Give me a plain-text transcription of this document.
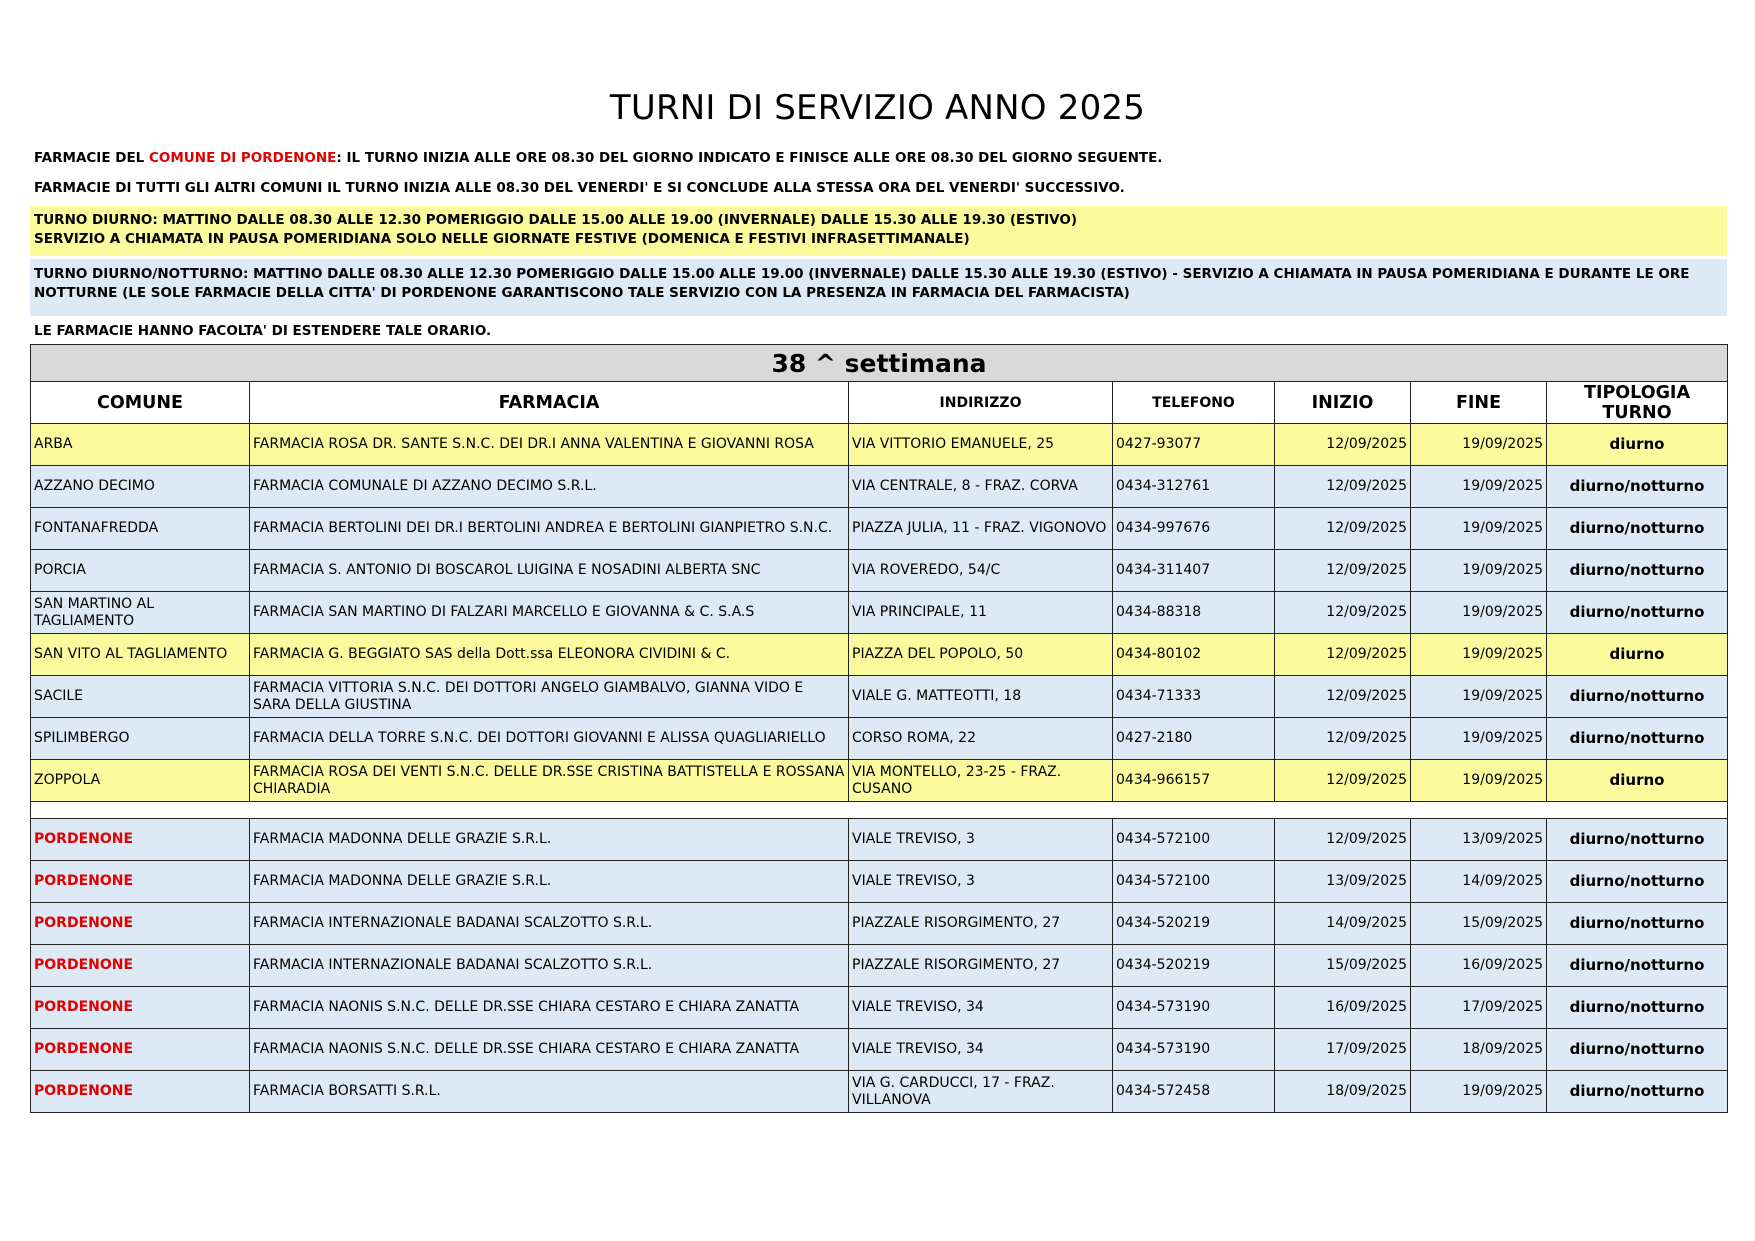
TURNI DI SERVIZIO ANNO 2025
FARMACIE DEL COMUNE DI PORDENONE: IL TURNO INIZIA ALLE ORE 08.30 DEL GIORNO INDICATO E FINISCE ALLE ORE 08.30 DEL GIORNO SEGUENTE.
FARMACIE DI TUTTI GLI ALTRI COMUNI IL TURNO INIZIA ALLE 08.30 DEL VENERDI' E SI CONCLUDE ALLA STESSA ORA DEL VENERDI' SUCCESSIVO.
TURNO DIURNO: MATTINO DALLE 08.30 ALLE 12.30 POMERIGGIO DALLE 15.00 ALLE 19.00 (INVERNALE) DALLE 15.30 ALLE 19.30 (ESTIVO)
SERVIZIO A CHIAMATA IN PAUSA POMERIDIANA SOLO NELLE GIORNATE FESTIVE (DOMENICA E FESTIVI INFRASETTIMANALE)
TURNO DIURNO/NOTTURNO: MATTINO DALLE 08.30 ALLE 12.30 POMERIGGIO DALLE 15.00 ALLE 19.00 (INVERNALE) DALLE 15.30 ALLE 19.30 (ESTIVO) - SERVIZIO A CHIAMATA IN PAUSA POMERIDIANA E DURANTE LE ORE NOTTURNE (LE SOLE FARMACIE DELLA CITTA' DI PORDENONE GARANTISCONO TALE SERVIZIO CON LA PRESENZA IN FARMACIA DEL FARMACISTA)
LE FARMACIE HANNO FACOLTA' DI ESTENDERE TALE ORARIO.
38 ^ settimana						
COMUNE	FARMACIA	INDIRIZZO	TELEFONO	INIZIO	FINE	TIPOLOGIA TURNO
ARBA	FARMACIA ROSA DR. SANTE S.N.C. DEI DR.I ANNA VALENTINA E GIOVANNI ROSA	VIA VITTORIO EMANUELE, 25	0427-93077	12/09/2025	19/09/2025	diurno
AZZANO DECIMO	FARMACIA COMUNALE DI AZZANO DECIMO S.R.L.	VIA CENTRALE, 8 - FRAZ. CORVA	0434-312761	12/09/2025	19/09/2025	diurno/notturno
FONTANAFREDDA	FARMACIA BERTOLINI DEI DR.I BERTOLINI ANDREA E BERTOLINI GIANPIETRO S.N.C.	PIAZZA JULIA, 11 - FRAZ. VIGONOVO	0434-997676	12/09/2025	19/09/2025	diurno/notturno
PORCIA	FARMACIA S. ANTONIO DI BOSCAROL LUIGINA E NOSADINI ALBERTA SNC	VIA ROVEREDO, 54/C	0434-311407	12/09/2025	19/09/2025	diurno/notturno
SAN MARTINO AL TAGLIAMENTO	FARMACIA SAN MARTINO DI FALZARI MARCELLO E GIOVANNA & C. S.A.S	VIA PRINCIPALE, 11	0434-88318	12/09/2025	19/09/2025	diurno/notturno
SAN VITO AL TAGLIAMENTO	FARMACIA G. BEGGIATO SAS della Dott.ssa ELEONORA CIVIDINI & C.	PIAZZA DEL POPOLO, 50	0434-80102	12/09/2025	19/09/2025	diurno
SACILE	FARMACIA VITTORIA S.N.C. DEI DOTTORI ANGELO GIAMBALVO, GIANNA VIDO E SARA DELLA GIUSTINA	VIALE G. MATTEOTTI, 18	0434-71333	12/09/2025	19/09/2025	diurno/notturno
SPILIMBERGO	FARMACIA DELLA TORRE S.N.C. DEI DOTTORI GIOVANNI E ALISSA QUAGLIARIELLO	CORSO ROMA, 22	0427-2180	12/09/2025	19/09/2025	diurno/notturno
ZOPPOLA	FARMACIA ROSA DEI VENTI S.N.C. DELLE DR.SSE CRISTINA BATTISTELLA E ROSSANA CHIARADIA	VIA MONTELLO, 23-25 - FRAZ. CUSANO	0434-966157	12/09/2025	19/09/2025	diurno

PORDENONE	FARMACIA MADONNA DELLE GRAZIE S.R.L.	VIALE TREVISO, 3	0434-572100	12/09/2025	13/09/2025	diurno/notturno
PORDENONE	FARMACIA MADONNA DELLE GRAZIE S.R.L.	VIALE TREVISO, 3	0434-572100	13/09/2025	14/09/2025	diurno/notturno
PORDENONE	FARMACIA INTERNAZIONALE BADANAI SCALZOTTO S.R.L.	PIAZZALE RISORGIMENTO, 27	0434-520219	14/09/2025	15/09/2025	diurno/notturno
PORDENONE	FARMACIA INTERNAZIONALE BADANAI SCALZOTTO S.R.L.	PIAZZALE RISORGIMENTO, 27	0434-520219	15/09/2025	16/09/2025	diurno/notturno
PORDENONE	FARMACIA NAONIS S.N.C. DELLE DR.SSE CHIARA CESTARO E CHIARA ZANATTA	VIALE TREVISO, 34	0434-573190	16/09/2025	17/09/2025	diurno/notturno
PORDENONE	FARMACIA NAONIS S.N.C. DELLE DR.SSE CHIARA CESTARO E CHIARA ZANATTA	VIALE TREVISO, 34	0434-573190	17/09/2025	18/09/2025	diurno/notturno
PORDENONE	FARMACIA BORSATTI S.R.L.	VIA G. CARDUCCI, 17 - FRAZ. VILLANOVA	0434-572458	18/09/2025	19/09/2025	diurno/notturno
